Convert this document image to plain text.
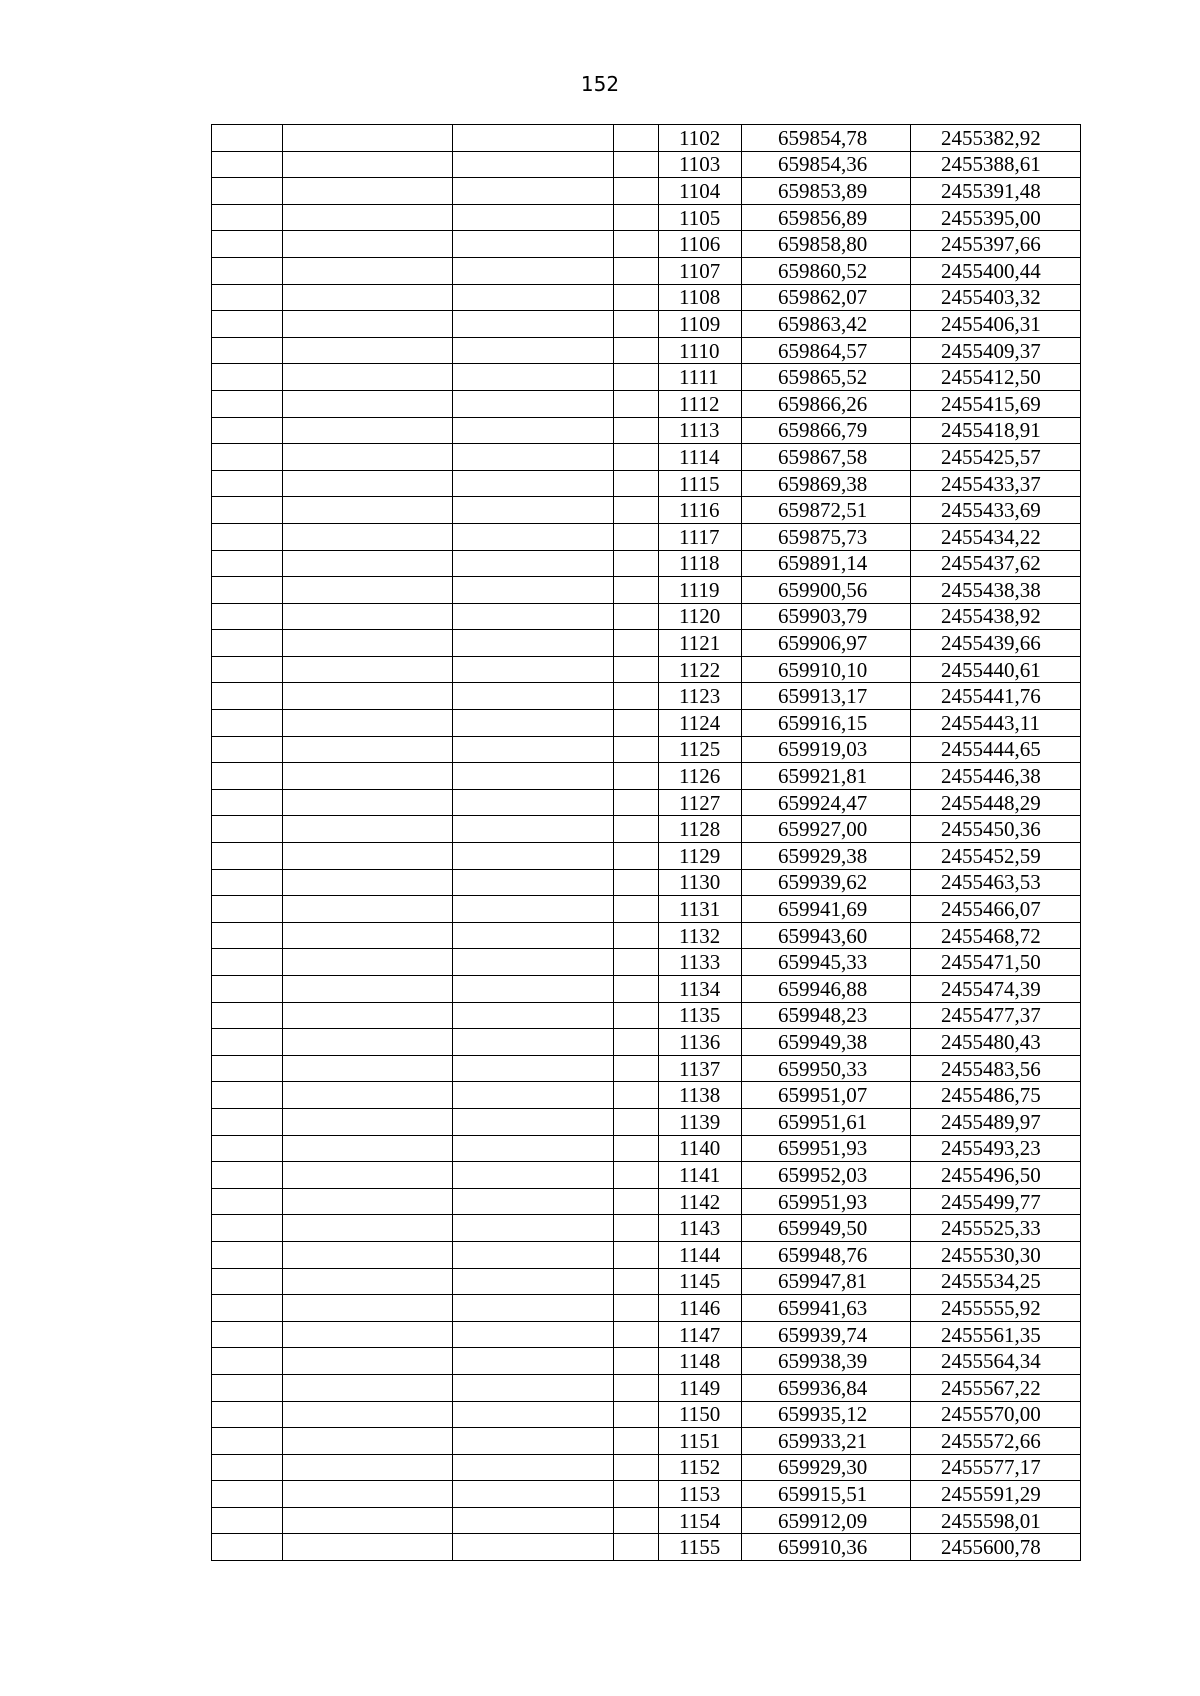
152
				1102	659854,78	2455382,92
				1103	659854,36	2455388,61
				1104	659853,89	2455391,48
				1105	659856,89	2455395,00
				1106	659858,80	2455397,66
				1107	659860,52	2455400,44
				1108	659862,07	2455403,32
				1109	659863,42	2455406,31
				1110	659864,57	2455409,37
				1111	659865,52	2455412,50
				1112	659866,26	2455415,69
				1113	659866,79	2455418,91
				1114	659867,58	2455425,57
				1115	659869,38	2455433,37
				1116	659872,51	2455433,69
				1117	659875,73	2455434,22
				1118	659891,14	2455437,62
				1119	659900,56	2455438,38
				1120	659903,79	2455438,92
				1121	659906,97	2455439,66
				1122	659910,10	2455440,61
				1123	659913,17	2455441,76
				1124	659916,15	2455443,11
				1125	659919,03	2455444,65
				1126	659921,81	2455446,38
				1127	659924,47	2455448,29
				1128	659927,00	2455450,36
				1129	659929,38	2455452,59
				1130	659939,62	2455463,53
				1131	659941,69	2455466,07
				1132	659943,60	2455468,72
				1133	659945,33	2455471,50
				1134	659946,88	2455474,39
				1135	659948,23	2455477,37
				1136	659949,38	2455480,43
				1137	659950,33	2455483,56
				1138	659951,07	2455486,75
				1139	659951,61	2455489,97
				1140	659951,93	2455493,23
				1141	659952,03	2455496,50
				1142	659951,93	2455499,77
				1143	659949,50	2455525,33
				1144	659948,76	2455530,30
				1145	659947,81	2455534,25
				1146	659941,63	2455555,92
				1147	659939,74	2455561,35
				1148	659938,39	2455564,34
				1149	659936,84	2455567,22
				1150	659935,12	2455570,00
				1151	659933,21	2455572,66
				1152	659929,30	2455577,17
				1153	659915,51	2455591,29
				1154	659912,09	2455598,01
				1155	659910,36	2455600,78
